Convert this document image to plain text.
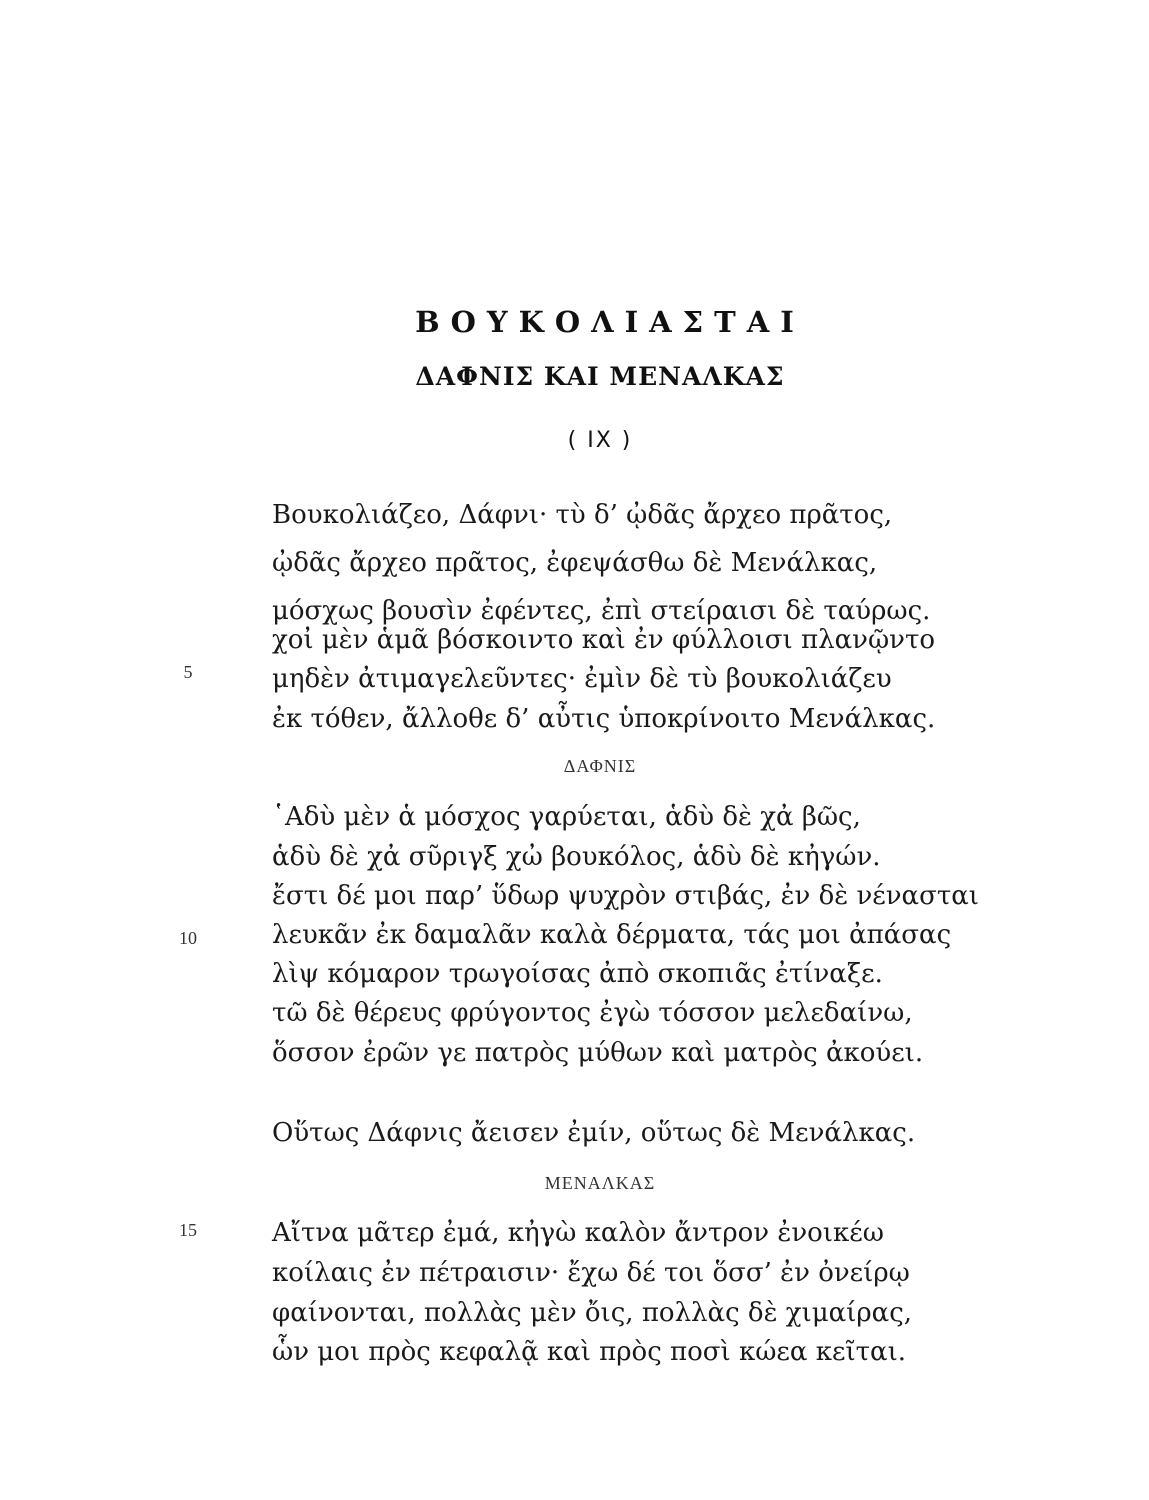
ΒΟΥΚΟΛΙΑΣΤΑΙ
ΔΑΦΝΙΣ ΚΑΙ ΜΕΝΑΛΚΑΣ
( IX )
Βουκολιάζεο, Δάφνι· τὺ δ’ ᾠδᾶς ἄρχεο πρᾶτος,
ᾠδᾶς ἄρχεο πρᾶτος, ἐφεψάσθω δὲ Μενάλκας,
μόσχως βουσὶν ἐφέντες, ἐπὶ στείραισι δὲ ταύρως.
χοἰ μὲν ἁμᾶ βόσκοιντο καὶ ἐν φύλλοισι πλανῷντο
μηδὲν ἀτιμαγελεῦντες· ἐμὶν δὲ τὺ βουκολιάζευ
ἐκ τόθεν, ἄλλοθε δ’ αὖτις ὑποκρίνοιτο Μενάλκας.
5
ΔΑΦΝΙΣ
῾Αδὺ μὲν ἁ μόσχος γαρύεται, ἁδὺ δὲ χἀ βῶς,
ἁδὺ δὲ χἀ σῦριγξ χὠ βουκόλος, ἁδὺ δὲ κἠγών.
ἔστι δέ μοι παρ’ ὕδωρ ψυχρὸν στιβάς, ἐν δὲ νένασται
λευκᾶν ἐκ δαμαλᾶν καλὰ δέρματα, τάς μοι ἀπάσας
λὶψ κόμαρον τρωγοίσας ἀπὸ σκοπιᾶς ἐτίναξε.
τῶ δὲ θέρευς φρύγοντος ἐγὼ τόσσον μελεδαίνω,
ὅσσον ἐρῶν γε πατρὸς μύθων καὶ ματρὸς ἀκούει.
10
Οὕτως Δάφνις ἄεισεν ἐμίν, οὕτως δὲ Μενάλκας.
ΜΕΝΑΛΚΑΣ
Αἴτνα μᾶτερ ἐμά, κἠγὼ καλὸν ἄντρον ἐνοικέω
κοίλαις ἐν πέτραισιν· ἔχω δέ τοι ὅσσ’ ἐν ὀνείρῳ
φαίνονται, πολλὰς μὲν ὄις, πολλὰς δὲ χιμαίρας,
ὧν μοι πρὸς κεφαλᾷ καὶ πρὸς ποσὶ κώεα κεῖται.
15
